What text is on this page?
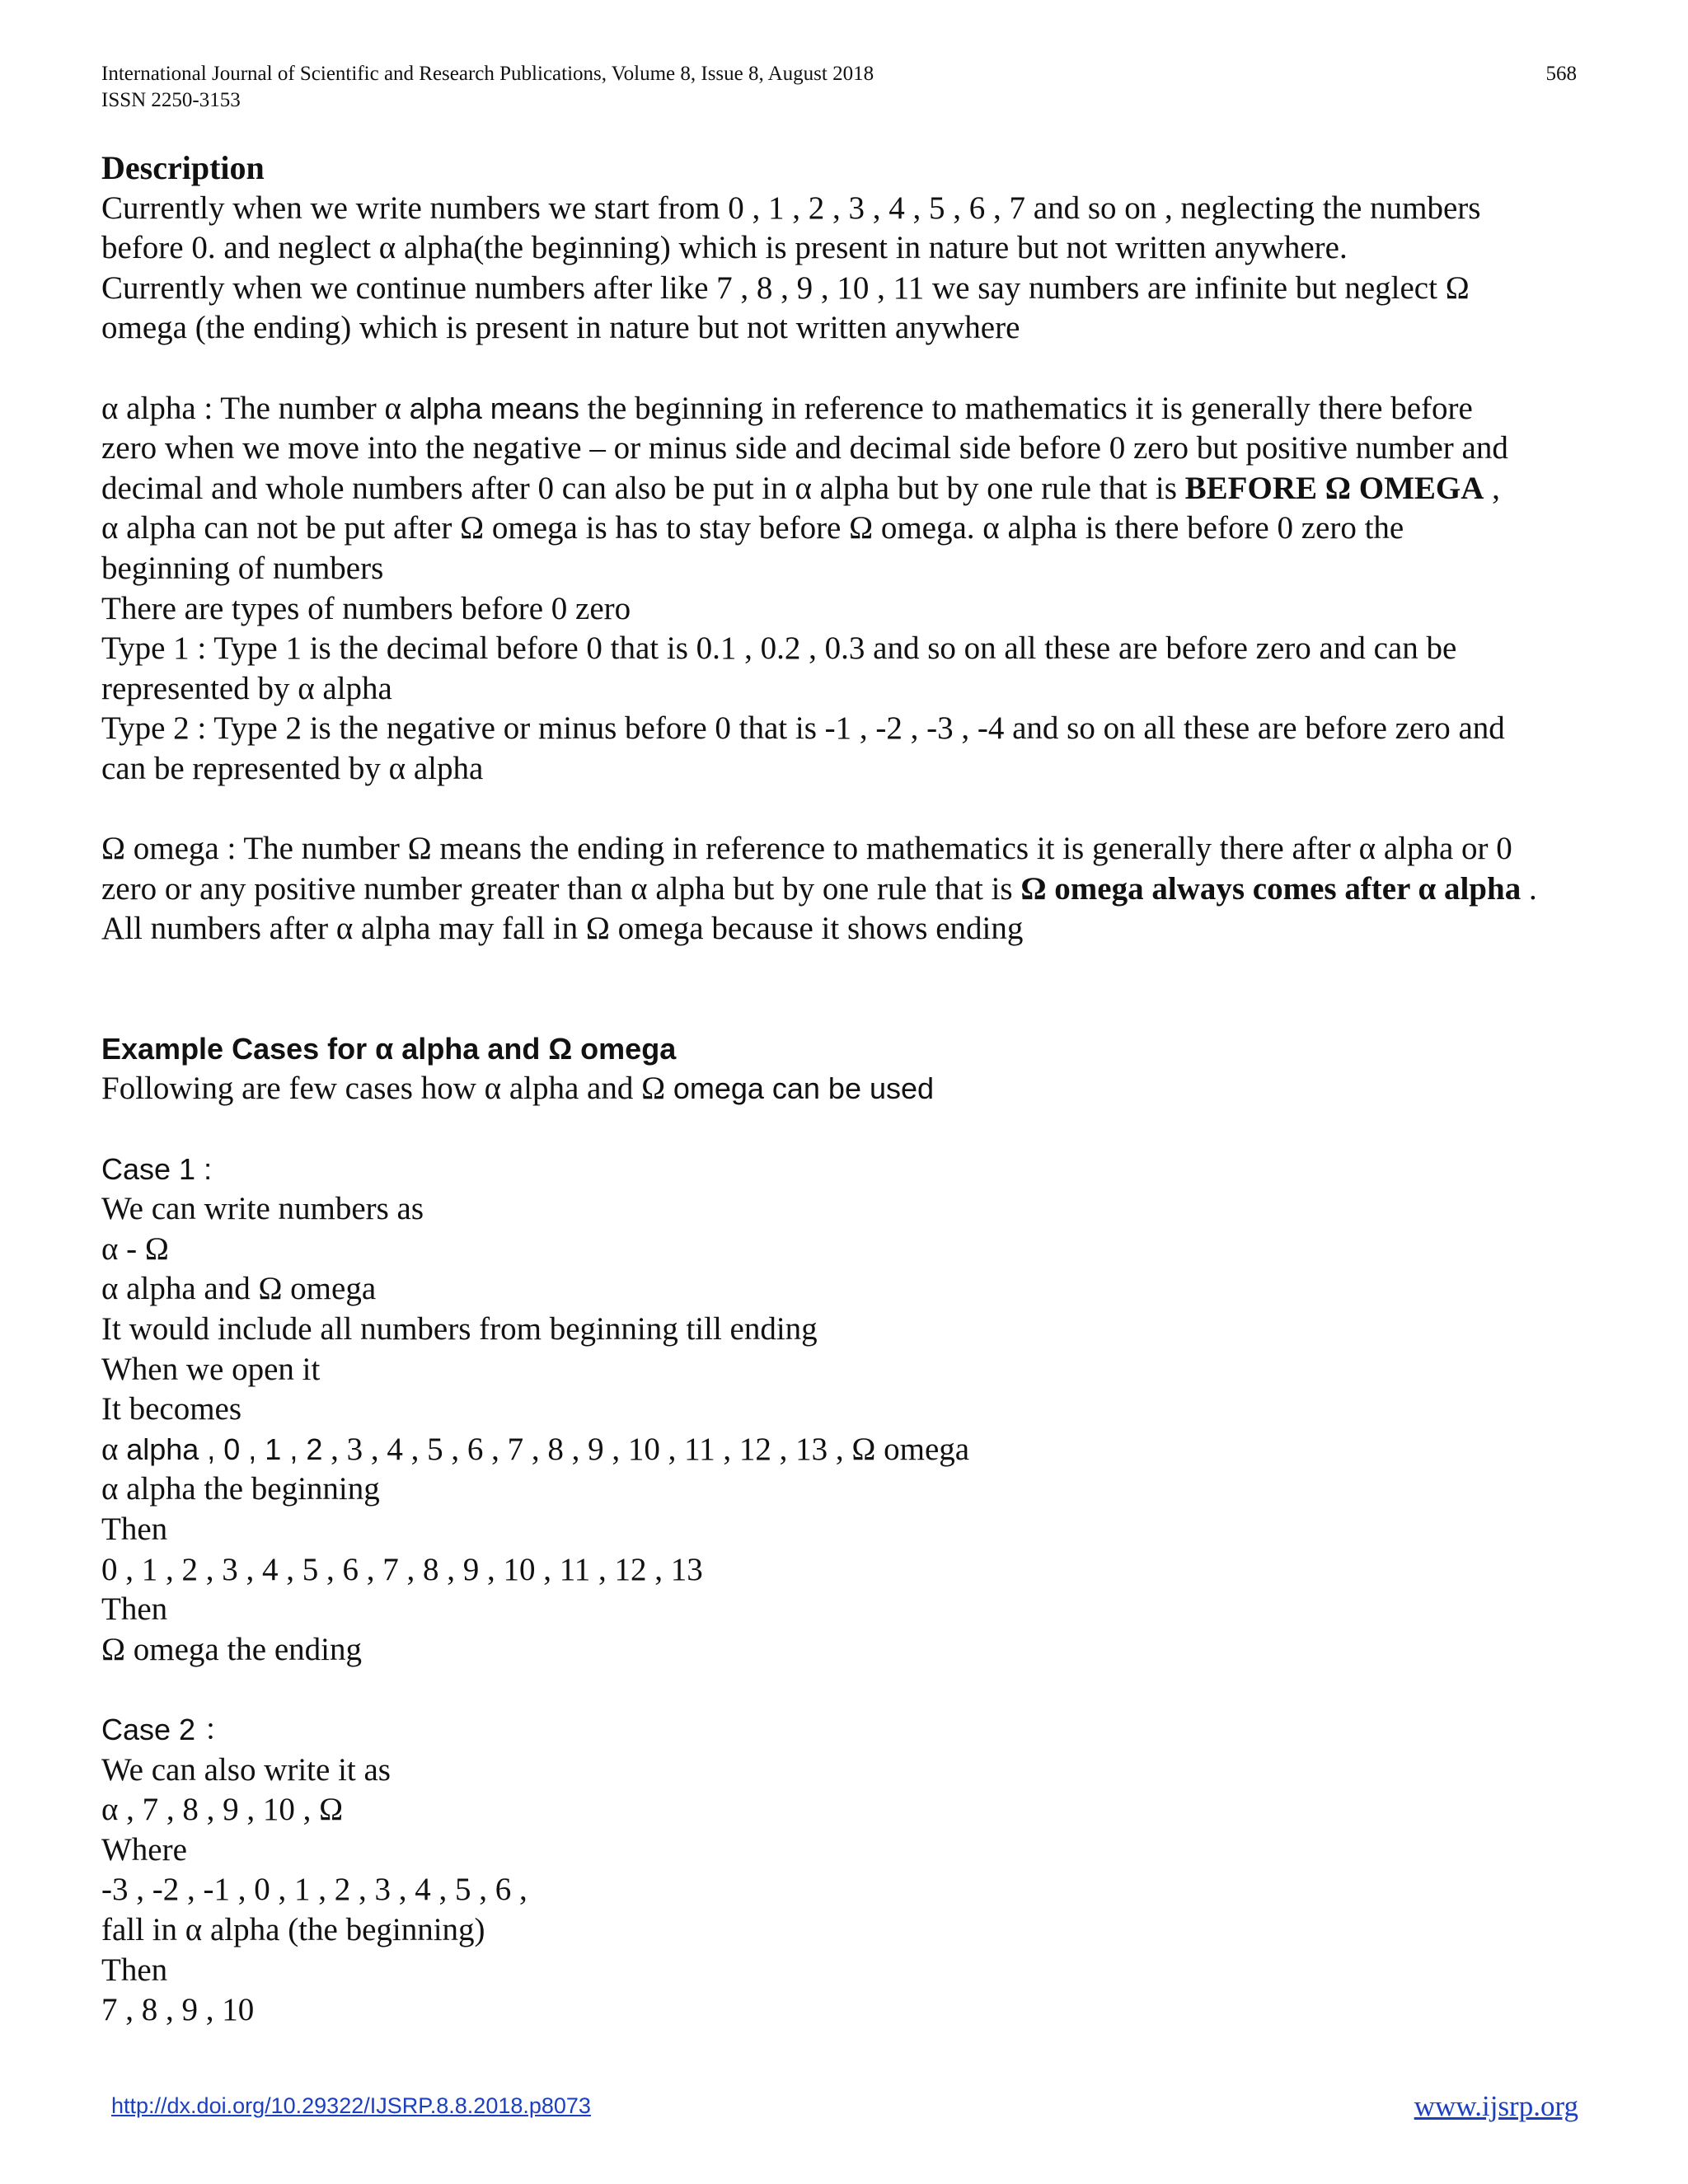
International Journal of Scientific and Research Publications, Volume 8, Issue 8, August 2018
ISSN 2250-3153
568

Description

Currently when we write numbers we start from 0 , 1 , 2 , 3 , 4 , 5 , 6 , 7 and so on , neglecting the numbers

before 0. and neglect α alpha(the beginning) which is present in nature but not written anywhere.

Currently when we continue numbers after like 7 , 8 , 9 , 10 , 11 we say numbers are infinite but neglect Ω

omega (the ending) which is present in nature but not written anywhere

α alpha : The number α alpha means the beginning in reference to mathematics it is generally there before

zero when we move into the negative – or minus side and decimal side before 0 zero but positive number and

decimal and whole numbers after 0 can also be put in α alpha but by one rule that is BEFORE Ω OMEGA ,

α alpha can not be put after Ω omega is has to stay before Ω omega. α alpha is there before 0 zero the

beginning of numbers

There are types of numbers before 0 zero

Type 1 : Type 1 is the decimal before 0 that is 0.1 , 0.2 , 0.3 and so on all these are before zero and can be

represented by α alpha

Type 2 : Type 2 is the negative or minus before 0 that is -1 , -2 , -3 , -4 and so on all these are before zero and

can be represented by α alpha

Ω omega : The number Ω means the ending in reference to mathematics it is generally there after α alpha or 0

zero or any positive number greater than α alpha but by one rule that is Ω omega always comes after α alpha .

All numbers after α alpha may fall in Ω omega because it shows ending

Example Cases for α alpha and Ω omega

Following are few cases how α alpha and Ω omega can be used

Case 1 :

We can write numbers as

α - Ω

α alpha and Ω omega

It would include all numbers from beginning till ending

When we open it

It becomes

α alpha , 0 , 1 , 2 , 3 , 4 , 5 , 6 , 7 , 8 , 9 , 10 , 11 , 12 , 13 , Ω omega

α alpha the beginning

Then

0 , 1 , 2 , 3 , 4 , 5 , 6 , 7 , 8 , 9 , 10 , 11 , 12 , 13

Then

Ω omega the ending

Case 2 ：

We can also write it as

α , 7 , 8 , 9 , 10 , Ω

Where

-3 , -2 , -1 , 0 , 1 , 2 , 3 , 4 , 5 , 6 ,

fall in α alpha (the beginning)

Then

7 , 8 , 9 , 10

http://dx.doi.org/10.29322/IJSRP.8.8.2018.p8073	www.ijsrp.org
